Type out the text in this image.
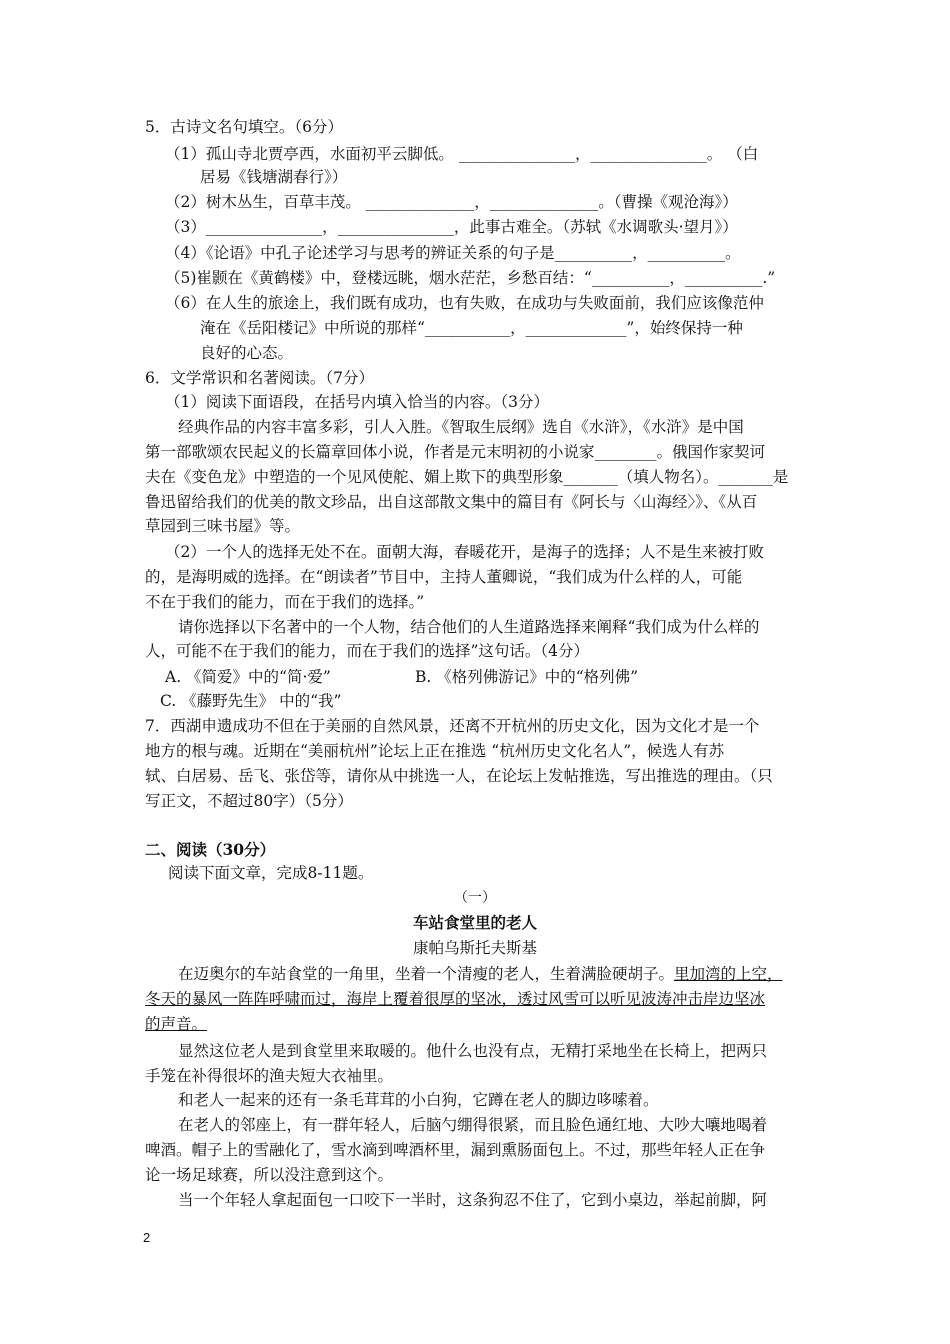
5．古诗文名句填空。（6分）
（1）孤山寺北贾亭西，水面初平云脚低。 _______________，_______________。 （白
居易《钱塘湖春行》）
（2）树木丛生，百草丰茂。 ______________，______________。（曹操《观沧海》）
（3）_______________，_______________，此事古难全。（苏轼《水调歌头·望月》）
（4）《论语》中孔子论述学习与思考的辨证关系的句子是__________，__________。
（5)崔颢在《黄鹤楼》中，登楼远眺，烟水茫茫，乡愁百结：“__________，__________.”
（6）在人生的旅途上，我们既有成功，也有失败，在成功与失败面前，我们应该像范仲
淹在《岳阳楼记》中所说的那样“___________，_____________”，始终保持一种
良好的心态。
6．文学常识和名著阅读。（7分）
（1）阅读下面语段，在括号内填入恰当的内容。（3分）
经典作品的内容丰富多彩，引人入胜。《智取生辰纲》选自《水浒》，《水浒》是中国
第一部歌颂农民起义的长篇章回体小说，作者是元末明初的小说家________。俄国作家契诃
夫在《变色龙》中塑造的一个见风使舵、媚上欺下的典型形象_______（填人物名）。_______是
鲁迅留给我们的优美的散文珍品，出自这部散文集中的篇目有《阿长与〈山海经〉》、《从百
草园到三味书屋》等。
（2）一个人的选择无处不在。面朝大海，春暖花开，是海子的选择；人不是生来被打败
的，是海明威的选择。在“朗读者”节目中，主持人董卿说，“我们成为什么样的人，可能
不在于我们的能力，而在于我们的选择。”
请你选择以下名著中的一个人物，结合他们的人生道路选择来阐释“我们成为什么样的
人，可能不在于我们的能力，而在于我们的选择”这句话。（4分）
A. 《简爱》中的“简·爱”	B. 《格列佛游记》中的“格列佛”
C. 《藤野先生》 中的“我”
7．西湖申遗成功不但在于美丽的自然风景，还离不开杭州的历史文化，因为文化才是一个
地方的根与魂。近期在“美丽杭州”论坛上正在推选 “杭州历史文化名人”，候选人有苏
轼、白居易、岳飞、张岱等，请你从中挑选一人，在论坛上发帖推选，写出推选的理由。（只
写正文，不超过80字）（5分）
二、阅读（30分）
阅读下面文章，完成8-11题。
（一）
车站食堂里的老人
康帕乌斯托夫斯基
在迈奥尔的车站食堂的一角里，坐着一个清瘦的老人，生着满脸硬胡子。里加湾的上空，
冬天的暴风一阵阵呼啸而过，海岸上覆着很厚的坚冰，透过风雪可以听见波涛冲击岸边坚冰
的声音。
显然这位老人是到食堂里来取暖的。他什么也没有点，无精打采地坐在长椅上，把两只
手笼在补得很坏的渔夫短大衣袖里。
和老人一起来的还有一条毛茸茸的小白狗，它蹲在老人的脚边哆嗦着。
在老人的邻座上，有一群年轻人，后脑勺绷得很紧，而且脸色通红地、大吵大嚷地喝着
啤酒。帽子上的雪融化了，雪水滴到啤酒杯里，漏到熏肠面包上。不过，那些年轻人正在争
论一场足球赛，所以没注意到这个。
当一个年轻人拿起面包一口咬下一半时，这条狗忍不住了，它到小桌边，举起前脚，阿
2
